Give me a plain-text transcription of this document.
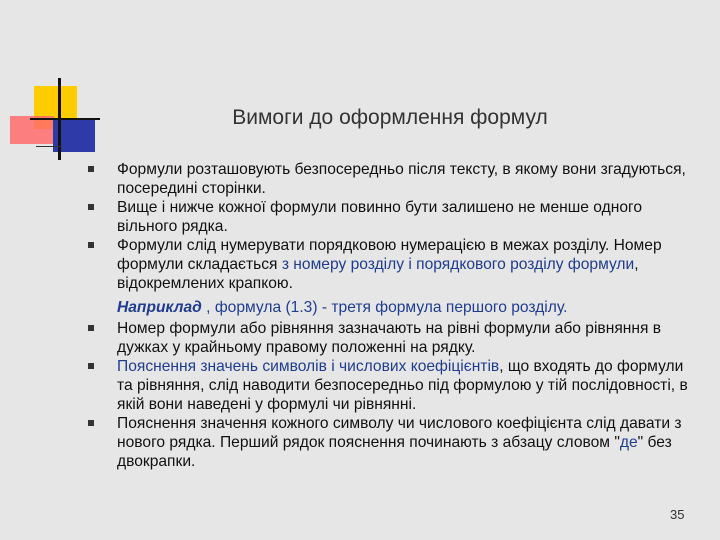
Вимоги до оформлення формул
Формули розташовують безпосередньо після тексту, в якому вони згадуються, посередині сторінки.
Вище і нижче кожної формули повинно бути залишено не менше одного вільного рядка.
Формули слід нумерувати порядковою нумерацією в межах розділу. Номер формули складається з номеру розділу і порядкового розділу формули, відокремлених крапкою.
Наприклад , формула (1.3) - третя формула першого розділу.
Номер формули або рівняння зазначають на рівні формули або рівняння в дужках у крайньому правому положенні на рядку.
Пояснення значень символів і числових коефіцієнтів, що входять до формули та рівняння, слід наводити безпосередньо під формулою у тій послідовності, в якій вони наведені у формулі чи рівнянні.
Пояснення значення кожного символу чи числового коефіцієнта слід давати з нового рядка. Перший рядок пояснення починають з абзацу словом "де" без двокрапки.
35
